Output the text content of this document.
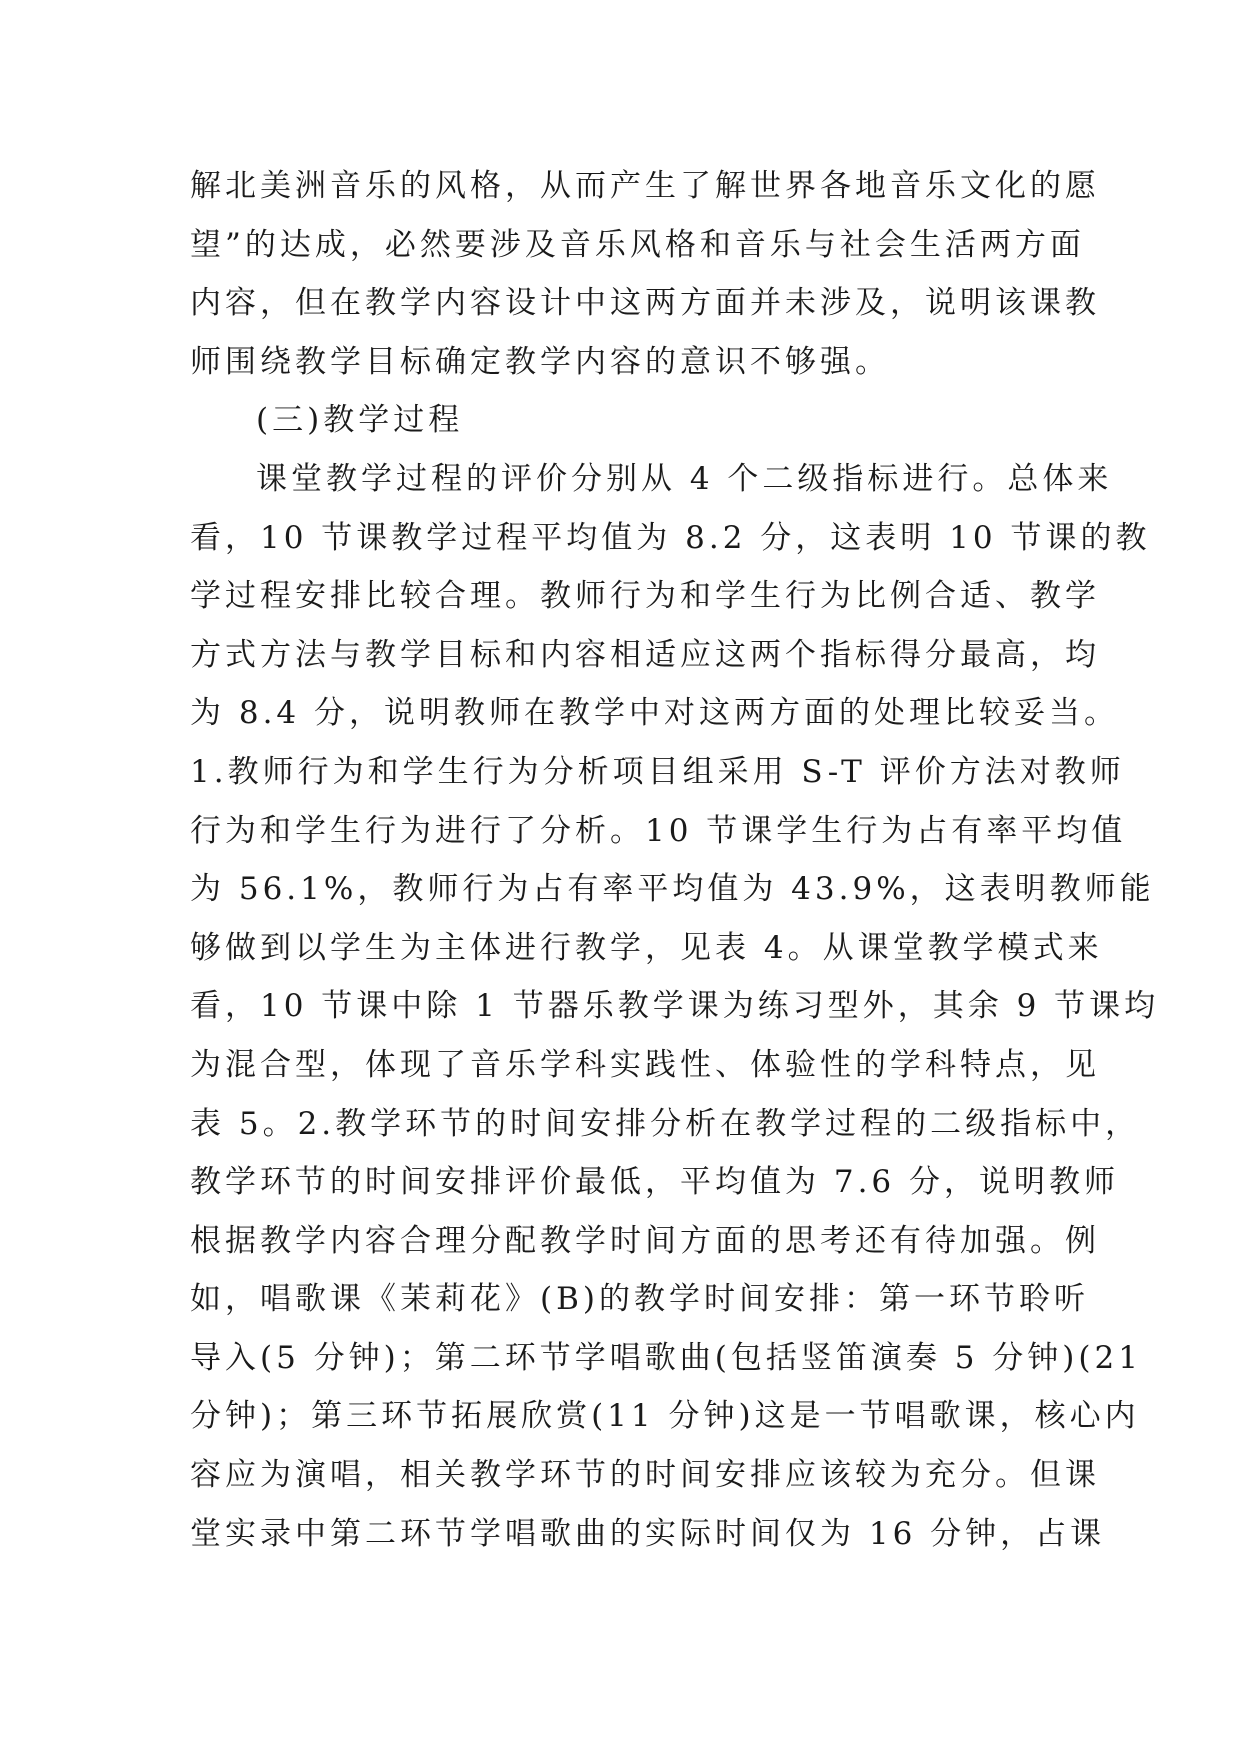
解北美洲音乐的风格，从而产生了解世界各地音乐文化的愿
望”的达成，必然要涉及音乐风格和音乐与社会生活两方面
内容，但在教学内容设计中这两方面并未涉及，说明该课教
师围绕教学目标确定教学内容的意识不够强。
(三)教学过程
课堂教学过程的评价分别从 4 个二级指标进行。总体来
看，10 节课教学过程平均值为 8.2 分，这表明 10 节课的教
学过程安排比较合理。教师行为和学生行为比例合适、教学
方式方法与教学目标和内容相适应这两个指标得分最高，均
为 8.4 分，说明教师在教学中对这两方面的处理比较妥当。
1.教师行为和学生行为分析项目组采用 S-T 评价方法对教师
行为和学生行为进行了分析。10 节课学生行为占有率平均值
为 56.1%，教师行为占有率平均值为 43.9%，这表明教师能
够做到以学生为主体进行教学，见表 4。从课堂教学模式来
看，10 节课中除 1 节器乐教学课为练习型外，其余 9 节课均
为混合型，体现了音乐学科实践性、体验性的学科特点，见
表 5。2.教学环节的时间安排分析在教学过程的二级指标中，
教学环节的时间安排评价最低，平均值为 7.6 分，说明教师
根据教学内容合理分配教学时间方面的思考还有待加强。例
如，唱歌课《茉莉花》(B)的教学时间安排：第一环节聆听
导入(5 分钟)；第二环节学唱歌曲(包括竖笛演奏 5 分钟)(21
分钟)；第三环节拓展欣赏(11 分钟)这是一节唱歌课，核心内
容应为演唱，相关教学环节的时间安排应该较为充分。但课
堂实录中第二环节学唱歌曲的实际时间仅为 16 分钟，占课
